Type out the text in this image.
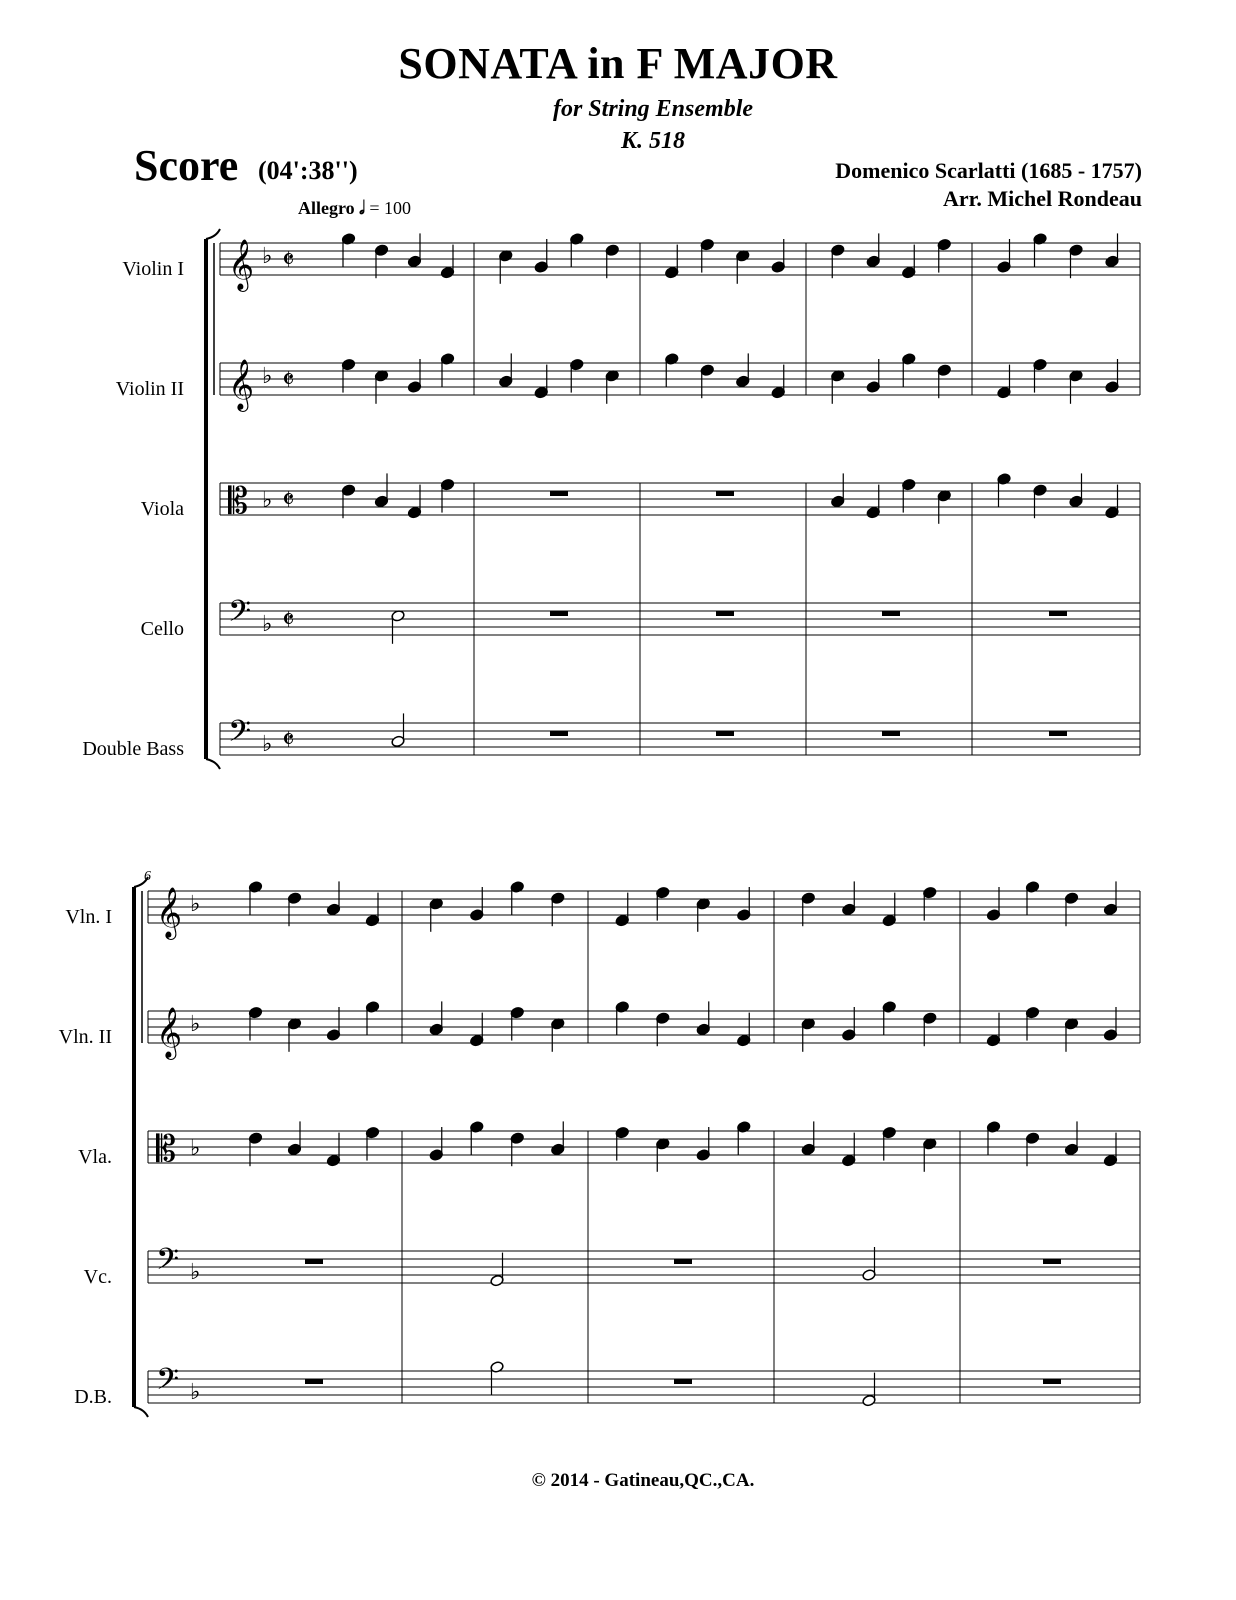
SONATA in F MAJOR
for String Ensemble
K. 518
Score (04':38'')	Domenico Scarlatti (1685 - 1757)
Arr. Michel Rondeau
Allegro 𝅗𝅥 = 100
Violin I
Violin II
Viola
Cello
Double Bass
Vln. I
Vln. II
Vla.
Vc.
D.B.
6
𝄞 ♭ 𝄵
𝄞 ♭ 𝄵
𝄡 ♭ 𝄵
𝄢 ♭ 𝄵
𝄢 ♭ 𝄵
𝄞 ♭
𝄞 ♭
𝄡 ♭
𝄢 ♭
𝄢 ♭
© 2014 - Gatineau,QC.,CA.
